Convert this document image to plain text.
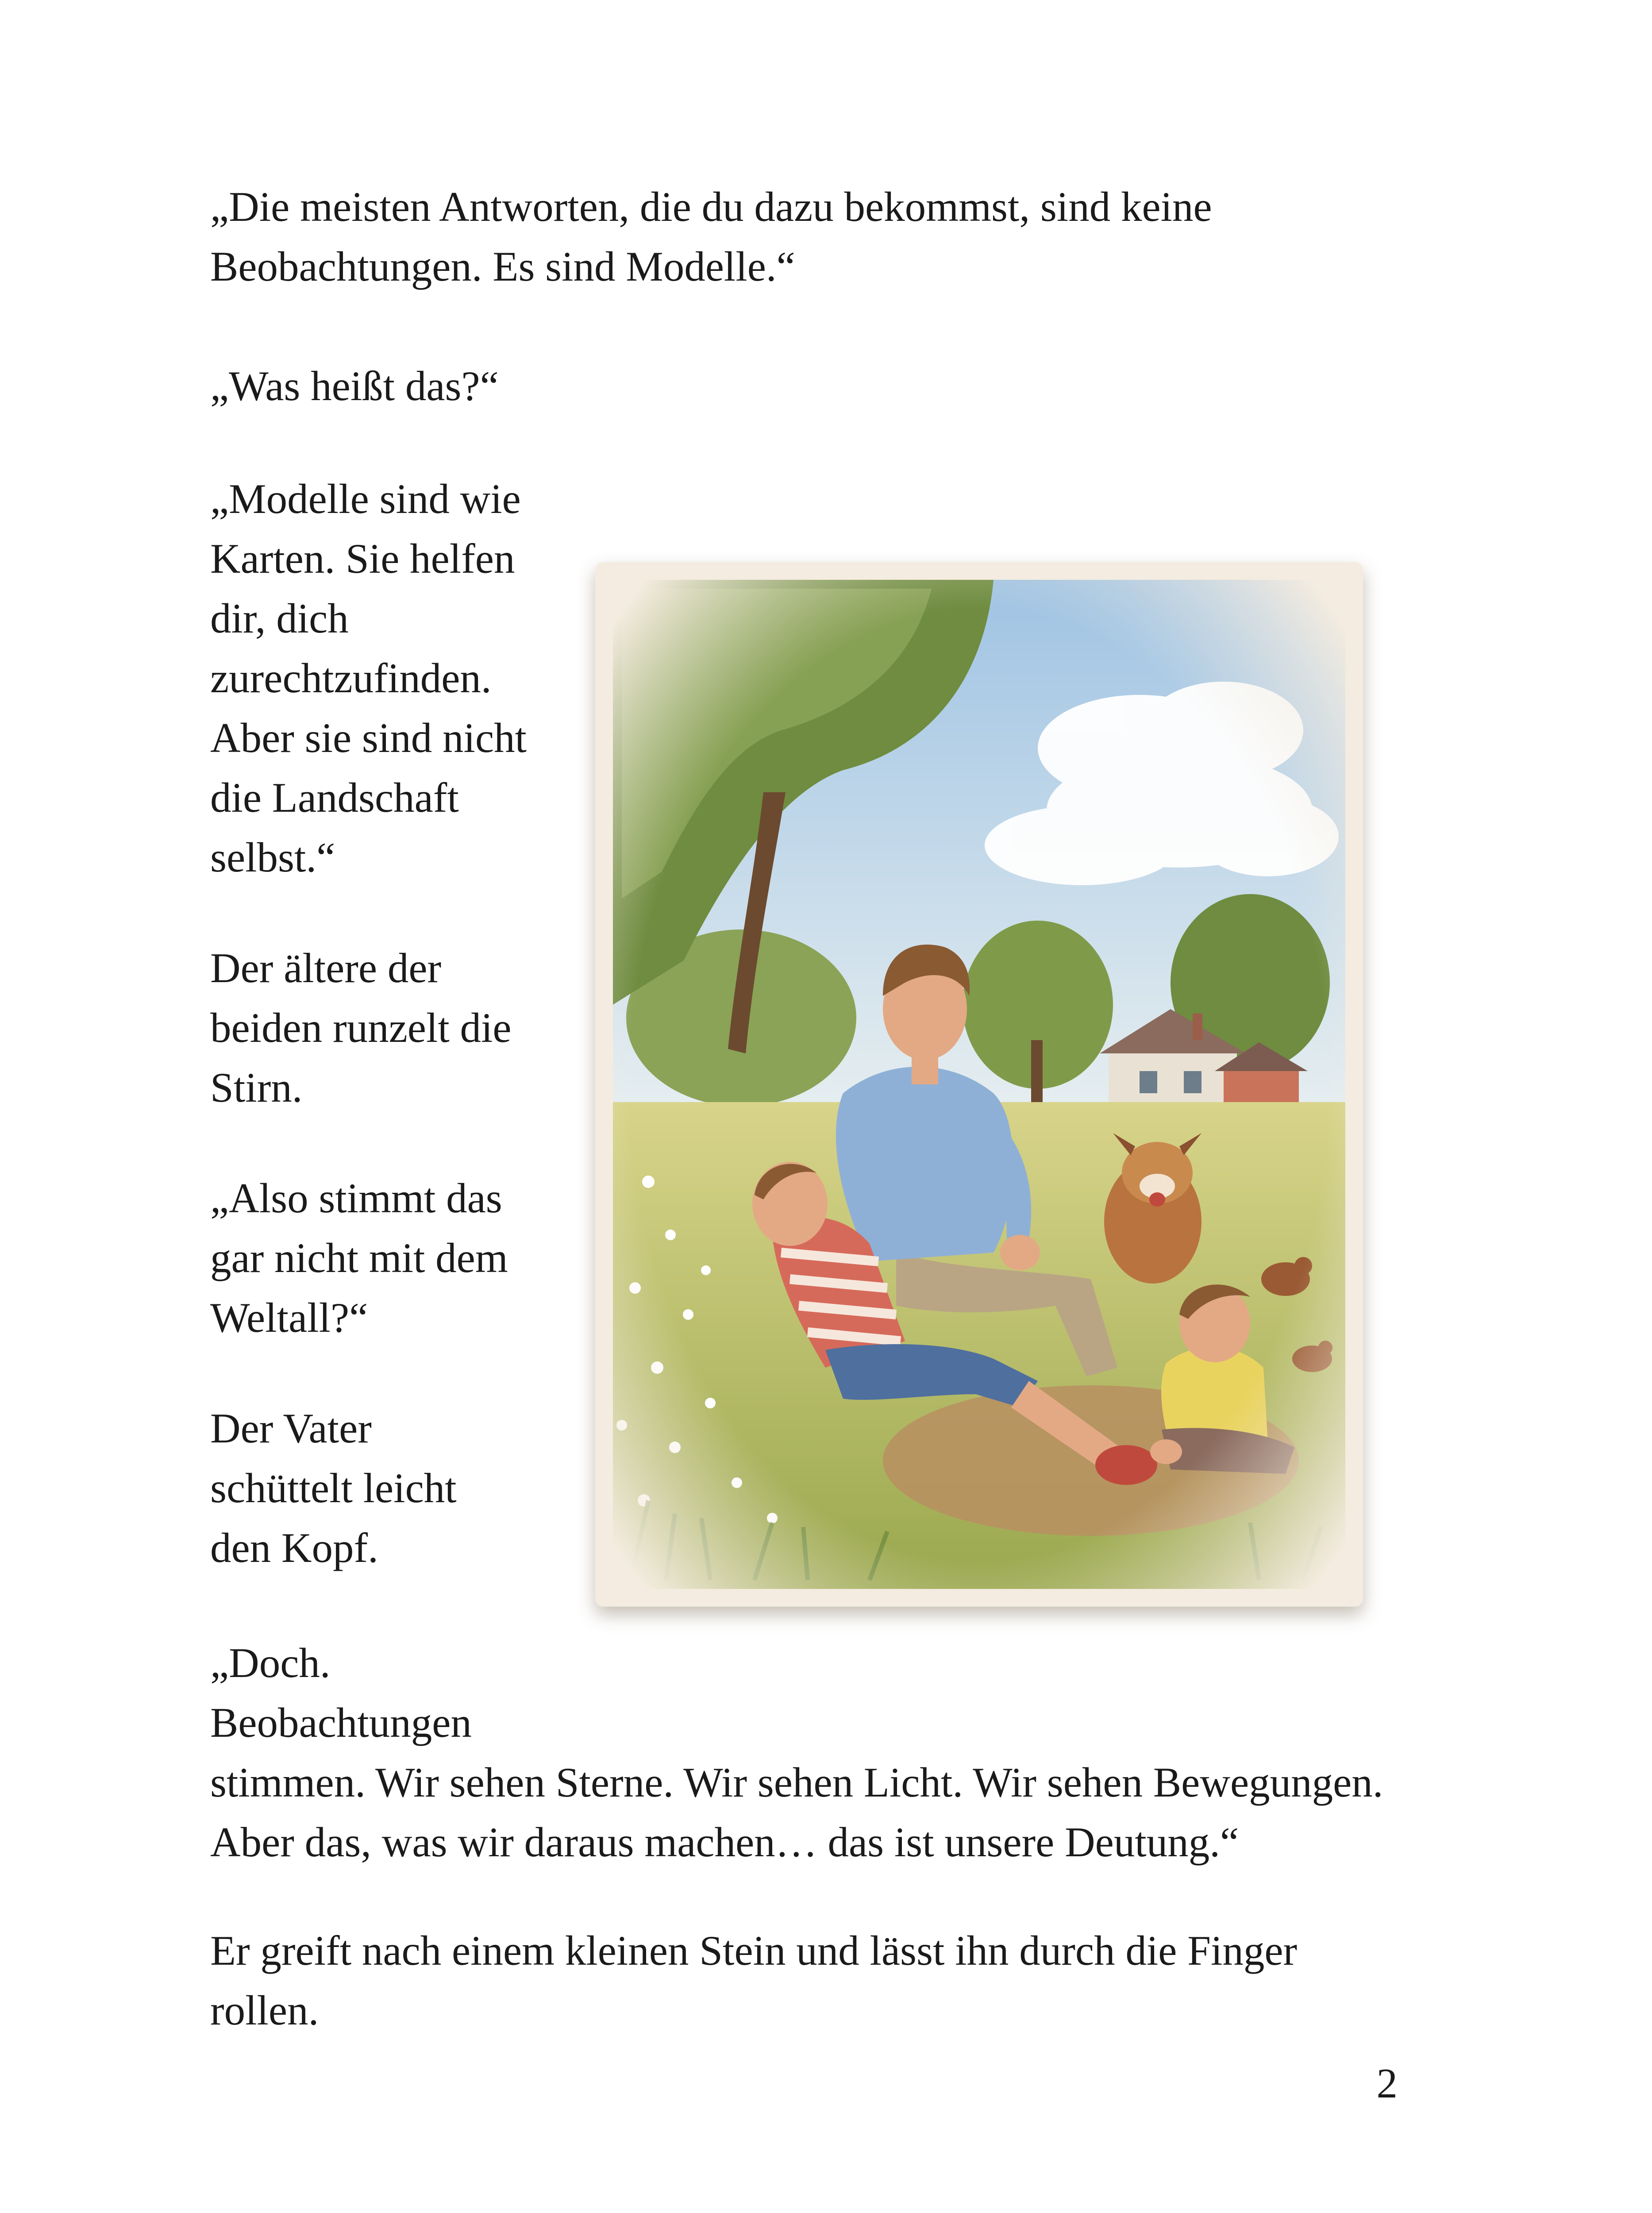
„Die meisten Antworten, die du dazu bekommst, sind keine
Beobachtungen. Es sind Modelle.“

„Was heißt das?“

„Modelle sind wie
Karten. Sie helfen
dir, dich
zurechtzufinden.
Aber sie sind nicht
die Landschaft
selbst.“

Der ältere der
beiden runzelt die
Stirn.

„Also stimmt das
gar nicht mit dem
Weltall?“

Der Vater
schüttelt leicht
den Kopf.

„Doch.
Beobachtungen
stimmen. Wir sehen Sterne. Wir sehen Licht. Wir sehen Bewegungen.
Aber das, was wir daraus machen… das ist unsere Deutung.“

Er greift nach einem kleinen Stein und lässt ihn durch die Finger
rollen.

2
